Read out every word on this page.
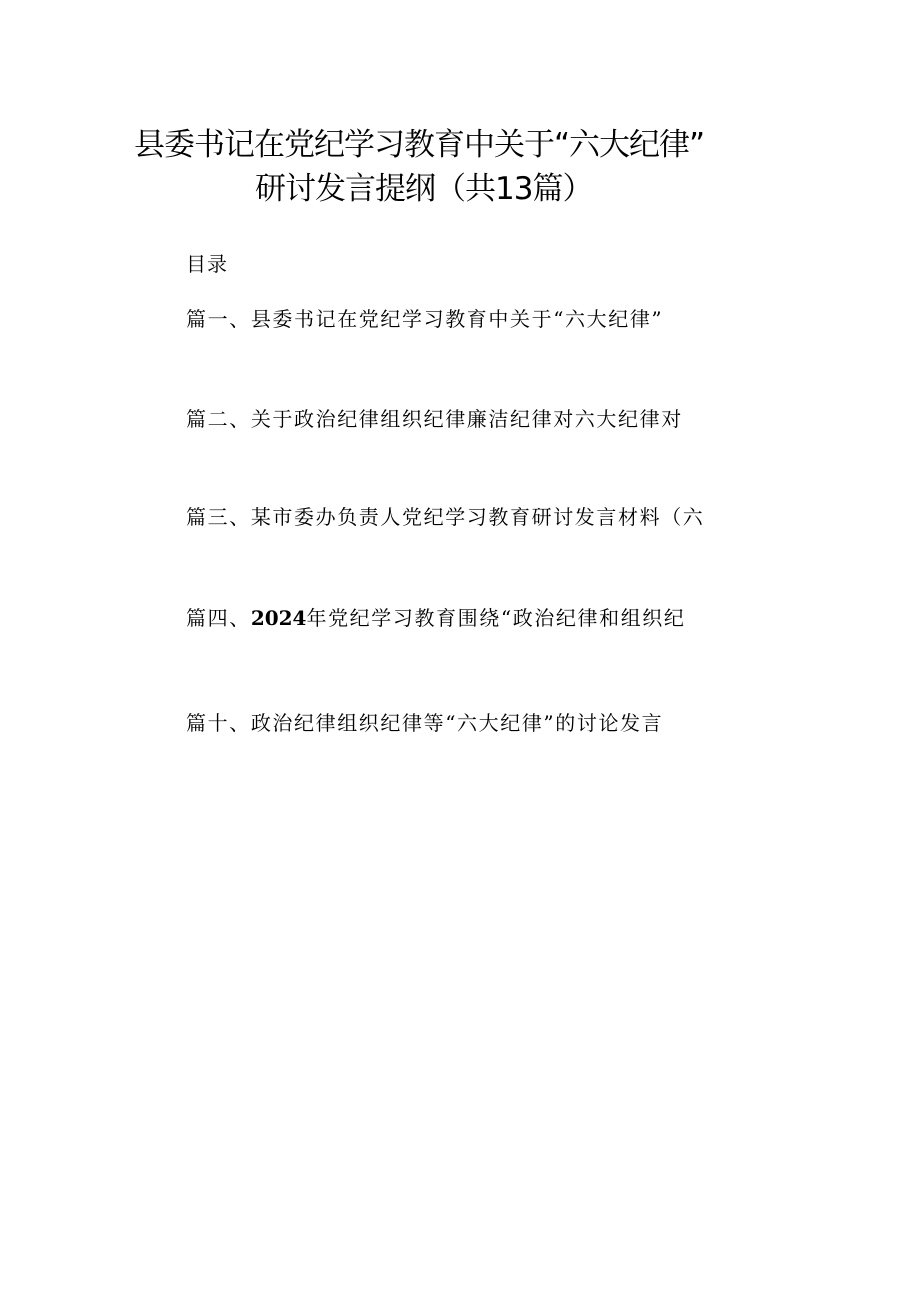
县委书记在党纪学习教育中关于“六大纪律”
研讨发言提纲（共13篇）
目录
篇一、县委书记在党纪学习教育中关于“六大纪律”
篇二、关于政治纪律组织纪律廉洁纪律对六大纪律对
篇三、某市委办负责人党纪学习教育研讨发言材料（六
篇四、2024年党纪学习教育围绕“政治纪律和组织纪
篇十、政治纪律组织纪律等“六大纪律”的讨论发言
